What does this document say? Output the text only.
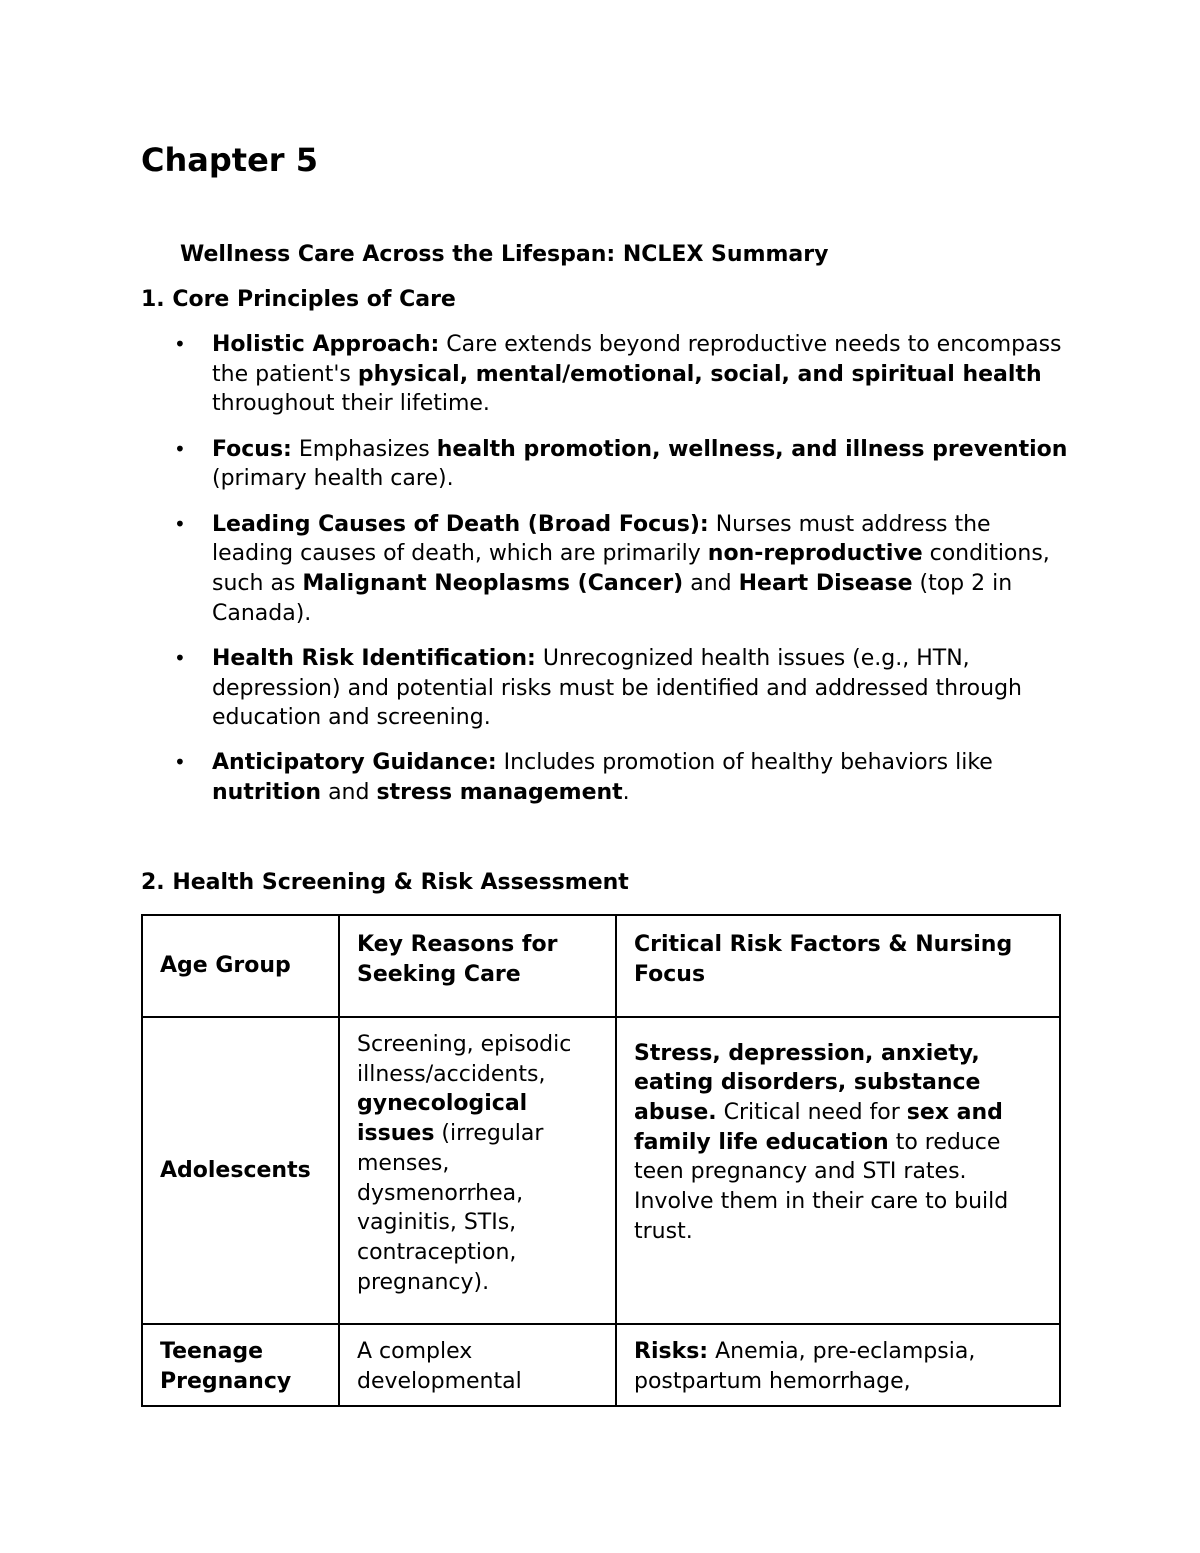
Chapter 5
Wellness Care Across the Lifespan: NCLEX Summary
1. Core Principles of Care
• Holistic Approach: Care extends beyond reproductive needs to encompass the patient's physical, mental/emotional, social, and spiritual health throughout their lifetime.
• Focus: Emphasizes health promotion, wellness, and illness prevention (primary health care).
• Leading Causes of Death (Broad Focus): Nurses must address the leading causes of death, which are primarily non-reproductive conditions, such as Malignant Neoplasms (Cancer) and Heart Disease (top 2 in Canada).
• Health Risk Identification: Unrecognized health issues (e.g., HTN, depression) and potential risks must be identified and addressed through education and screening.
• Anticipatory Guidance: Includes promotion of healthy behaviors like nutrition and stress management.
2. Health Screening & Risk Assessment
Age Group	Key Reasons for Seeking Care	Critical Risk Factors & Nursing Focus
Adolescents	Screening, episodic illness/accidents, gynecological issues (irregular menses, dysmenorrhea, vaginitis, STIs, contraception, pregnancy).	Stress, depression, anxiety, eating disorders, substance abuse. Critical need for sex and family life education to reduce teen pregnancy and STI rates. Involve them in their care to build trust.
Teenage Pregnancy	A complex developmental	Risks: Anemia, pre-eclampsia, postpartum hemorrhage,
